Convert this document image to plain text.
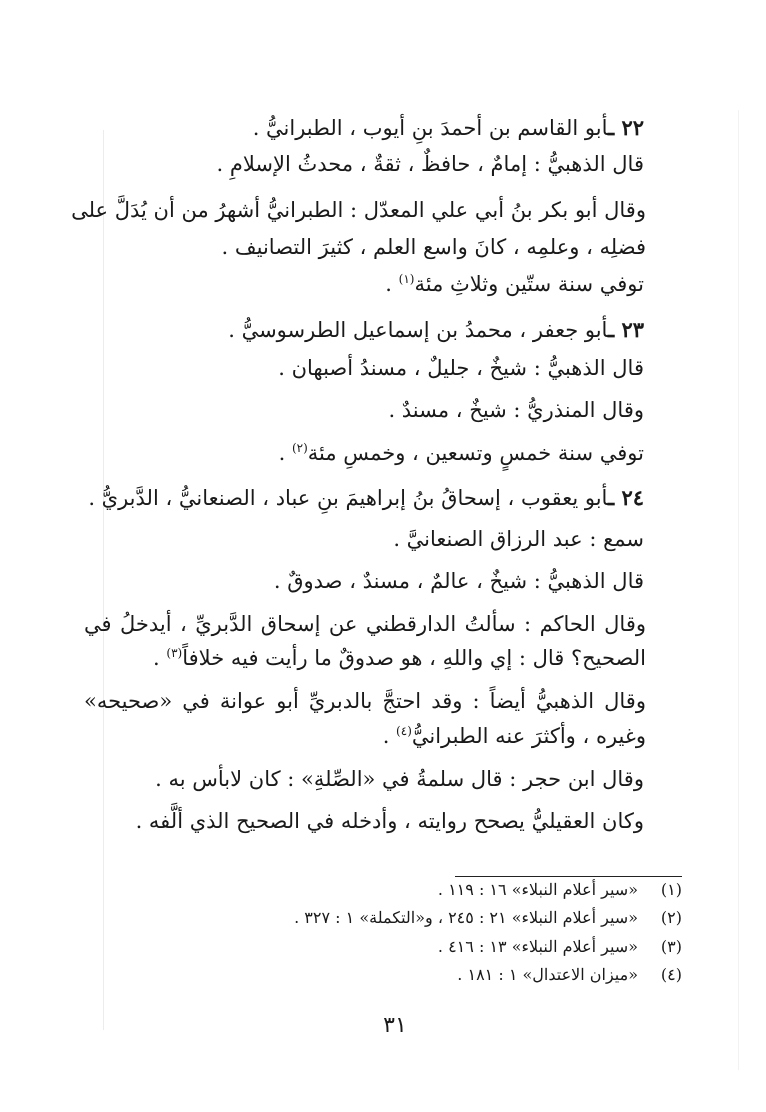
٢٢ ـأبو القاسم بن أحمدَ بنِ أيوب ، الطبرانيُّ .
قال الذهبيُّ : إمامٌ ، حافظٌ ، ثقةٌ ، محدثُ الإسلامِ .
وقال أبو بكر بنُ أبي علي المعدّل : الطبرانيُّ أشهرُ من أن يُدَلَّ على
فضلِه ، وعلمِه ، كانَ واسع العلم ، كثيرَ التصانيف .
توفي سنة ستّين وثلاثِ مئة$^{(١)}$ .
٢٣ ـأبو جعفر ، محمدُ بن إسماعيل الطرسوسيُّ .
قال الذهبيُّ : شيخٌ ، جليلٌ ، مسندُ أصبهان .
وقال المنذريُّ : شيخٌ ، مسندٌ .
توفي سنة خمسٍ وتسعين ، وخمسِ مئة$^{(٢)}$ .
٢٤ ـأبو يعقوب ، إسحاقُ بنُ إبراهيمَ بنِ عباد ، الصنعانيُّ ، الدَّبريُّ .
سمع : عبد الرزاق الصنعانيَّ .
قال الذهبيُّ : شيخٌ ، عالمٌ ، مسندٌ ، صدوقٌ .
وقال الحاكم : سألتُ الدارقطني عن إسحاق الدَّبريِّ ، أيدخلُ في
الصحيح؟ قال : إي واللهِ ، هو صدوقٌ ما رأيت فيه خلافاً$^{(٣)}$ .
وقال الذهبيُّ أيضاً : وقد احتجَّ بالدبريِّ أبو عوانة في «صحيحه»
وغيره ، وأكثرَ عنه الطبرانيُّ$^{(٤)}$ .
وقال ابن حجر : قال سلمةُ في «الصِّلةِ» : كان لابأس به .
وكان العقيليُّ يصحح روايته ، وأدخله في الصحيح الذي ألَّفه .
(١)«سير أعلام النبلاء» ١٦ : ١١٩ .
(٢)«سير أعلام النبلاء» ٢١ : ٢٤٥ ، و«التكملة» ١ : ٣٢٧ .
(٣)«سير أعلام النبلاء» ١٣ : ٤١٦ .
(٤)«ميزان الاعتدال» ١ : ١٨١ .
٣١
